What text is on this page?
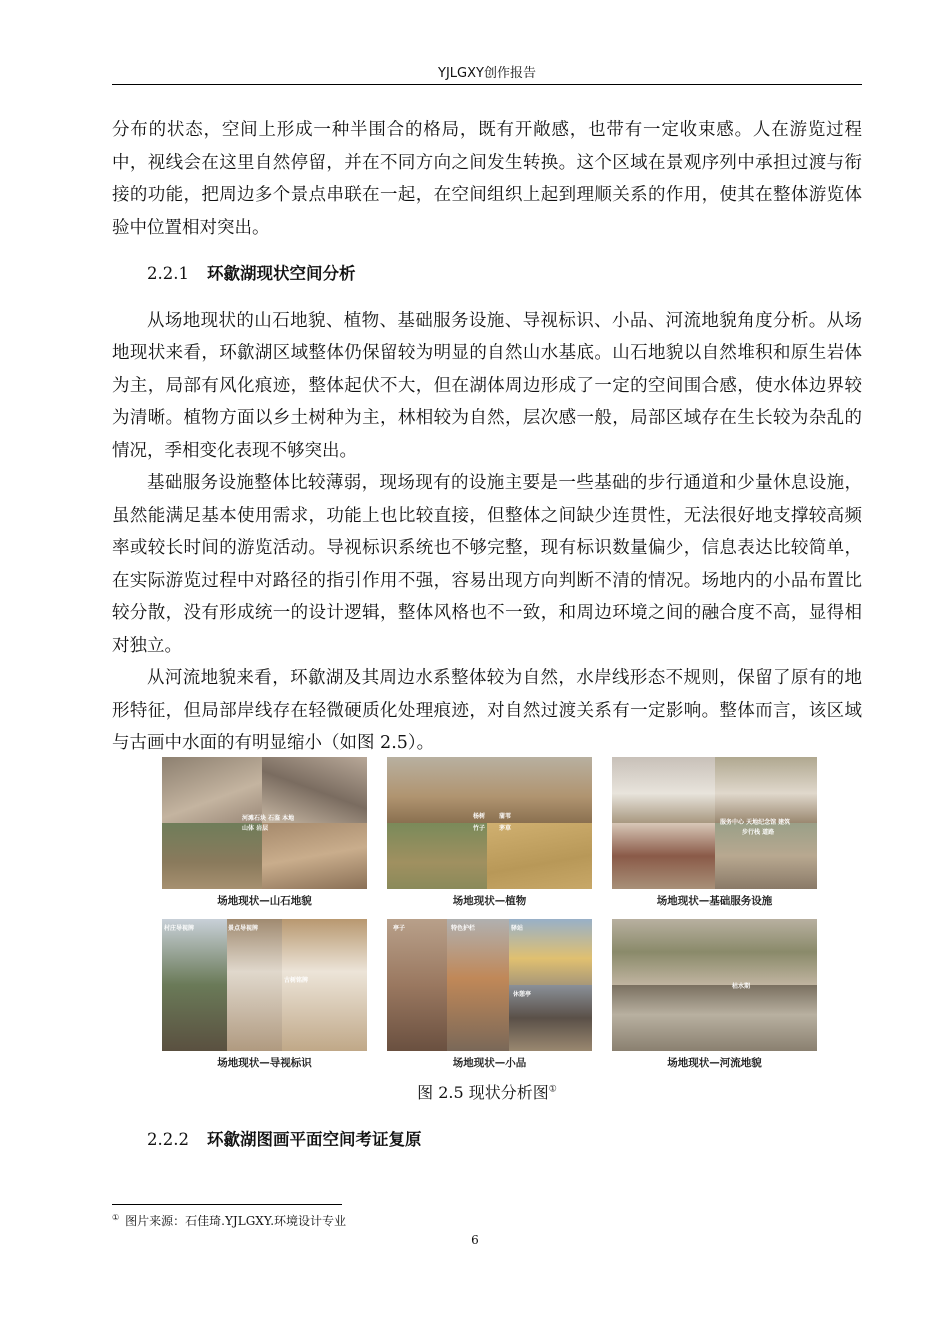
YJLGXY创作报告

分布的状态，空间上形成一种半围合的格局，既有开敞感，也带有一定收束感。人在游览过程中，视线会在这里自然停留，并在不同方向之间发生转换。这个区域在景观序列中承担过渡与衔接的功能，把周边多个景点串联在一起，在空间组织上起到理顺关系的作用，使其在整体游览体验中位置相对突出。

2.2.1 环歙湖现状空间分析

从场地现状的山石地貌、植物、基础服务设施、导视标识、小品、河流地貌角度分析。从场地现状来看，环歙湖区域整体仍保留较为明显的自然山水基底。山石地貌以自然堆积和原生岩体为主，局部有风化痕迹，整体起伏不大，但在湖体周边形成了一定的空间围合感，使水体边界较为清晰。植物方面以乡土树种为主，林相较为自然，层次感一般，局部区域存在生长较为杂乱的情况，季相变化表现不够突出。

基础服务设施整体比较薄弱，现场现有的设施主要是一些基础的步行通道和少量休息设施，虽然能满足基本使用需求，功能上也比较直接，但整体之间缺少连贯性，无法很好地支撑较高频率或较长时间的游览活动。导视标识系统也不够完整，现有标识数量偏少，信息表达比较简单，在实际游览过程中对路径的指引作用不强，容易出现方向判断不清的情况。场地内的小品布置比较分散，没有形成统一的设计逻辑，整体风格也不一致，和周边环境之间的融合度不高，显得相对独立。

从河流地貌来看，环歙湖及其周边水系整体较为自然，水岸线形态不规则，保留了原有的地形特征，但局部岸线存在轻微硬质化处理痕迹，对自然过渡关系有一定影响。整体而言，该区域与古画中水面的有明显缩小（如图 2.5）。

河滩石块 石鉴 本地
山体 岩层
杨树 蒲苇
竹子 茅草
服务中心 天地纪念馆 建筑
步行栈 道路
场地现状—山石地貌	场地现状—植物	场地现状—基础服务设施
村庄导视牌	景点导视牌
古树铭牌
亭子	特色护栏	驿站
休憩亭
枯水期
场地现状—导视标识	场地现状—小品	场地现状—河流地貌
图 2.5 现状分析图①
2.2.2 环歙湖图画平面空间考证复原
① 图片来源：石佳琦.YJLGXY.环境设计专业
6
